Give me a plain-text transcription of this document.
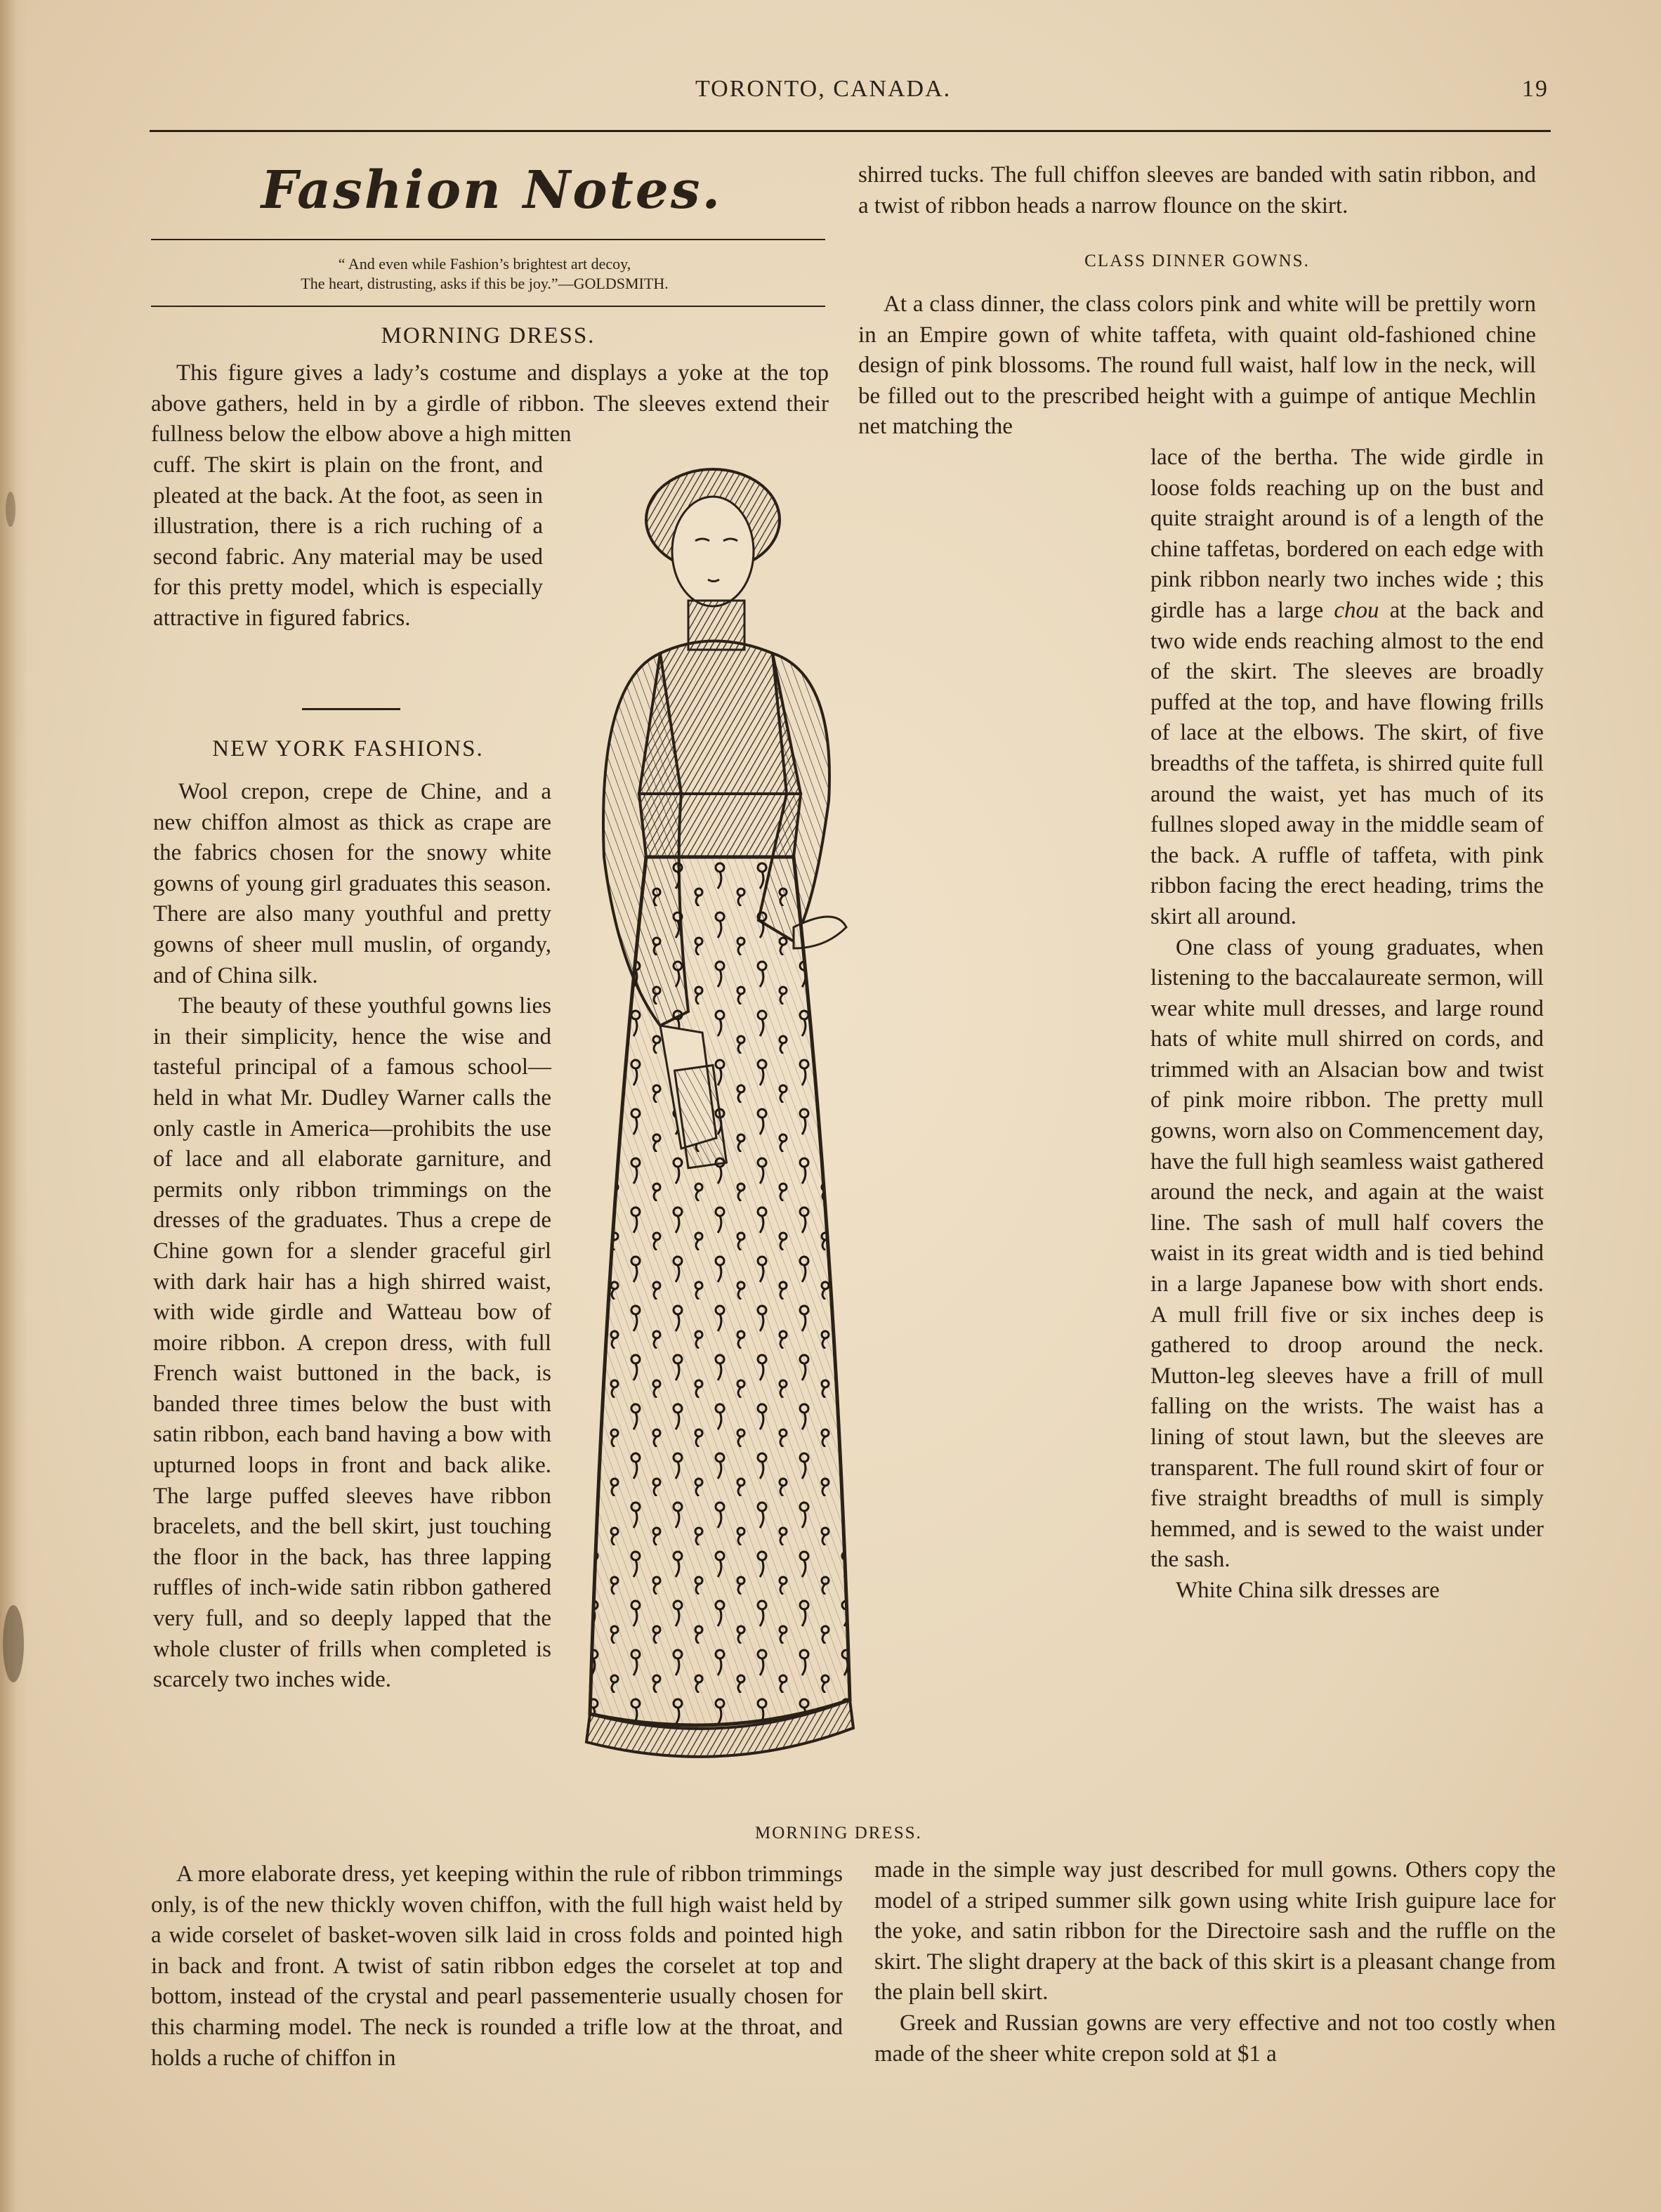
TORONTO, CANADA.	19
Fashion Notes.
“ And even while Fashion’s brightest art decoy,
The heart, distrusting, asks if this be joy.”—GOLDSMITH.
MORNING DRESS.

This figure gives a lady’s costume and displays a yoke at the top above gathers, held in by a girdle of ribbon. The sleeves extend their fullness below the elbow above a high mitten

cuff. The skirt is plain on the front, and pleated at the back. At the foot, as seen in illustration, there is a rich ruching of a second fabric. Any material may be used for this pretty model, which is especially attractive in figured fabrics.

NEW YORK FASHIONS.

Wool crepon, crepe de Chine, and a new chiffon almost as thick as crape are the fabrics chosen for the snowy white gowns of young girl graduates this season. There are also many youthful and pretty gowns of sheer mull muslin, of organdy, and of China silk.

The beauty of these youthful gowns lies in their simplicity, hence the wise and tasteful principal of a famous school—held in what Mr. Dudley Warner calls the only castle in America—prohibits the use of lace and all elaborate garniture, and permits only ribbon trimmings on the dresses of the graduates. Thus a crepe de Chine gown for a slender graceful girl with dark hair has a high shirred waist, with wide girdle and Watteau bow of moire ribbon. A crepon dress, with full French waist buttoned in the back, is banded three times below the bust with satin ribbon, each band having a bow with upturned loops in front and back alike. The large puffed sleeves have ribbon bracelets, and the bell skirt, just touching the floor in the back, has three lapping ruffles of inch-wide satin ribbon gathered very full, and so deeply lapped that the whole cluster of frills when completed is scarcely two inches wide.

A more elaborate dress, yet keeping within the rule of ribbon trimmings only, is of the new thickly woven chiffon, with the full high waist held by a wide corselet of basket-woven silk laid in cross folds and pointed high in back and front. A twist of satin ribbon edges the corselet at top and bottom, instead of the crystal and pearl passementerie usually chosen for this charming model. The neck is rounded a trifle low at the throat, and holds a ruche of chiffon in

shirred tucks. The full chiffon sleeves are banded with satin ribbon, and a twist of ribbon heads a narrow flounce on the skirt.

CLASS DINNER GOWNS.

At a class dinner, the class colors pink and white will be prettily worn in an Empire gown of white taffeta, with quaint old-fashioned chine design of pink blossoms. The round full waist, half low in the neck, will be filled out to the prescribed height with a guimpe of antique Mechlin net matching the

lace of the bertha. The wide girdle in loose folds reaching up on the bust and quite straight around is of a length of the chine taffetas, bordered on each edge with pink ribbon nearly two inches wide ; this girdle has a large chou at the back and two wide ends reaching almost to the end of the skirt. The sleeves are broadly puffed at the top, and have flowing frills of lace at the elbows. The skirt, of five breadths of the taffeta, is shirred quite full around the waist, yet has much of its fullnes sloped away in the middle seam of the back. A ruffle of taffeta, with pink ribbon facing the erect heading, trims the skirt all around.

One class of young graduates, when listening to the baccalaureate sermon, will wear white mull dresses, and large round hats of white mull shirred on cords, and trimmed with an Alsacian bow and twist of pink moire ribbon. The pretty mull gowns, worn also on Commencement day, have the full high seamless waist gathered around the neck, and again at the waist line. The sash of mull half covers the waist in its great width and is tied behind in a large Japanese bow with short ends. A mull frill five or six inches deep is gathered to droop around the neck. Mutton-leg sleeves have a frill of mull falling on the wrists. The waist has a lining of stout lawn, but the sleeves are transparent. The full round skirt of four or five straight breadths of mull is simply hemmed, and is sewed to the waist under the sash.

White China silk dresses are

made in the simple way just described for mull gowns. Others copy the model of a striped summer silk gown using white Irish guipure lace for the yoke, and satin ribbon for the Directoire sash and the ruffle on the skirt. The slight drapery at the back of this skirt is a pleasant change from the plain bell skirt.

Greek and Russian gowns are very effective and not too costly when made of the sheer white crepon sold at $1 a

MORNING DRESS.
